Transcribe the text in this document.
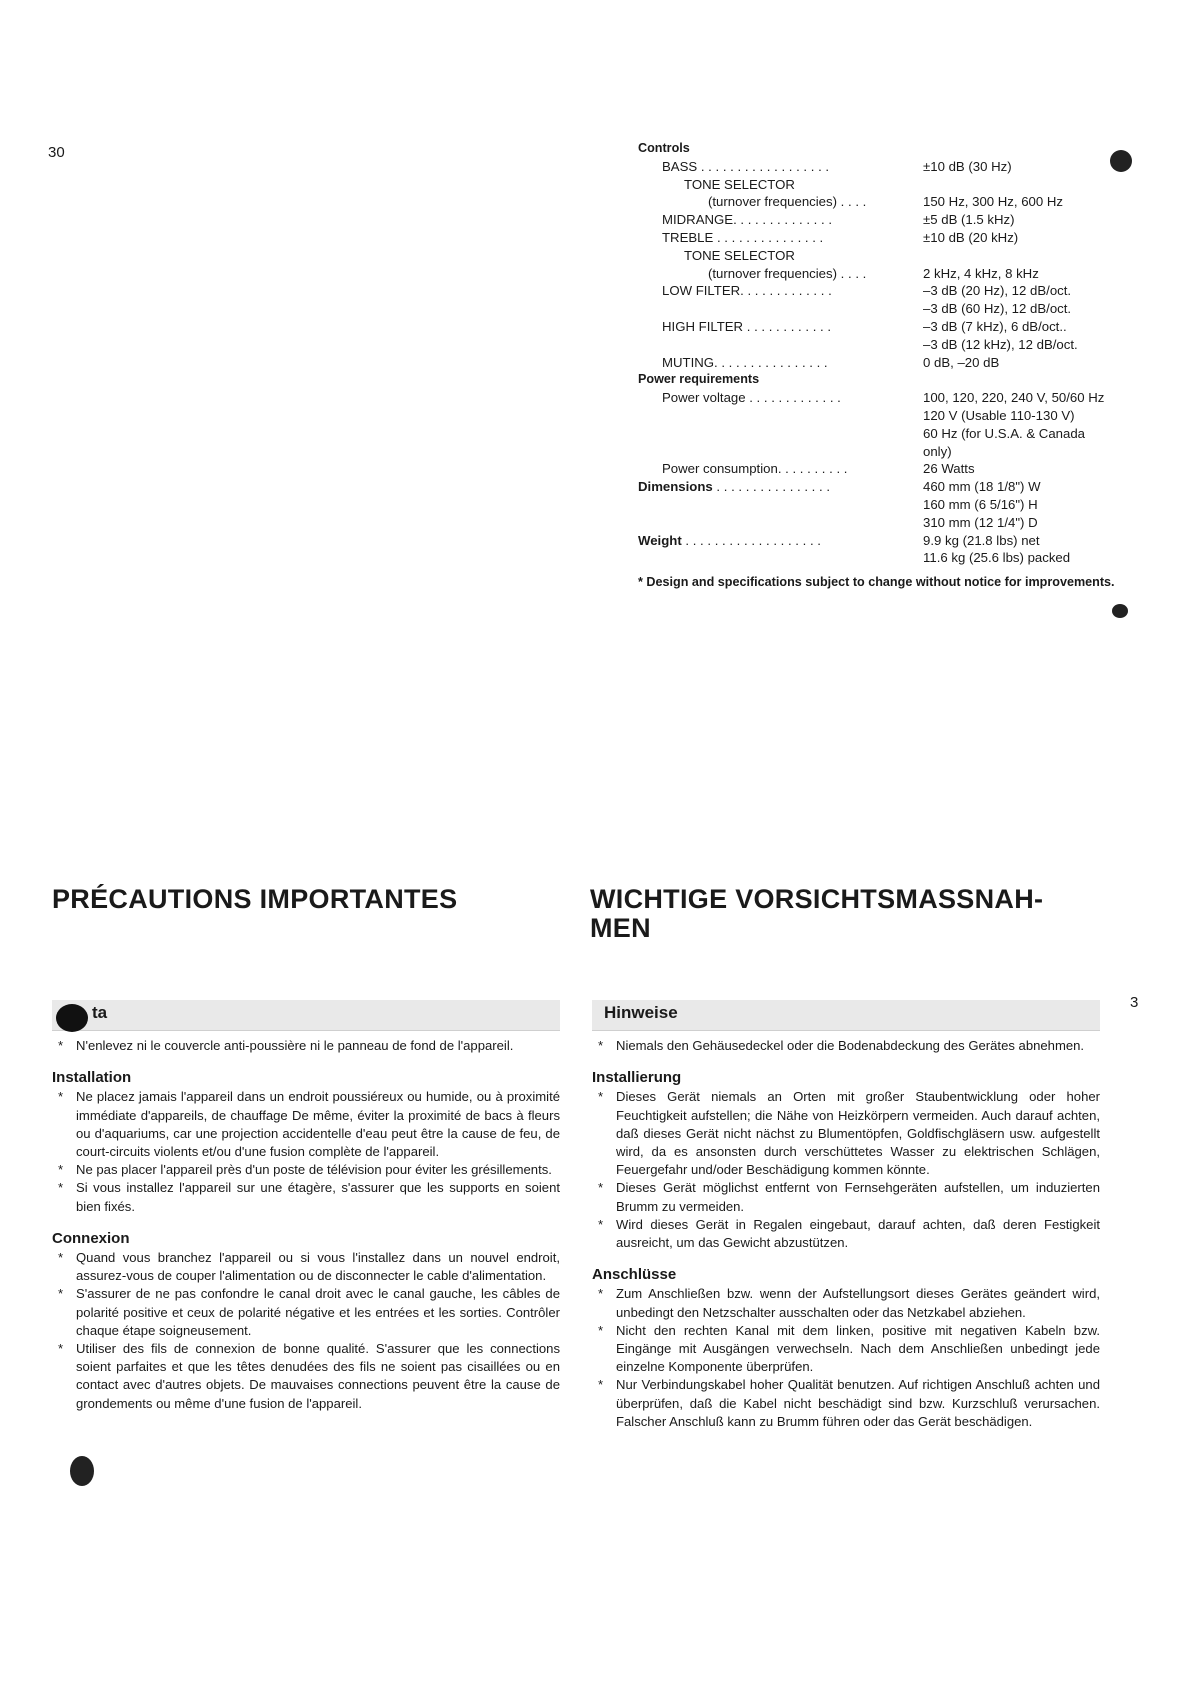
30
3
Controls
BASS . . . . . . . . . . . . . . . . . .	±10 dB (30 Hz)
TONE SELECTOR
(turnover frequencies) . . . .	150 Hz, 300 Hz, 600 Hz
MIDRANGE. . . . . . . . . . . . . .	±5 dB (1.5 kHz)
TREBLE . . . . . . . . . . . . . . .	±10 dB (20 kHz)
TONE SELECTOR
(turnover frequencies) . . . .	2 kHz, 4 kHz, 8 kHz
LOW FILTER. . . . . . . . . . . . .	–3 dB (20 Hz), 12 dB/oct.
–3 dB (60 Hz), 12 dB/oct.
HIGH FILTER . . . . . . . . . . . .	–3 dB (7 kHz), 6 dB/oct..
–3 dB (12 kHz), 12 dB/oct.
MUTING. . . . . . . . . . . . . . . .	0 dB, –20 dB
Power requirements
Power voltage . . . . . . . . . . . . .	100, 120, 220, 240 V, 50/60 Hz
120 V (Usable 110-130 V)
60 Hz (for U.S.A. & Canada
only)
Power consumption. . . . . . . . . .	26 Watts
Dimensions . . . . . . . . . . . . . . . .	460 mm (18 1/8") W
160 mm (6 5/16") H
310 mm (12 1/4") D
Weight . . . . . . . . . . . . . . . . . . .	9.9 kg (21.8 lbs) net
11.6 kg (25.6 lbs) packed
* Design and specifications subject to change without notice for improvements.
PRÉCAUTIONS IMPORTANTES	WICHTIGE VORSICHTSMASSNAH-MEN
ta
*
N'enlevez ni le couvercle anti-poussière ni le panneau de fond de l'appareil.
Installation
*
Ne placez jamais l'appareil dans un endroit poussiéreux ou humide, ou à proximité immédiate d'appareils, de chauffage De même, éviter la proximité de bacs à fleurs ou d'aquariums, car une projection accidentelle d'eau peut être la cause de feu, de court-circuits violents et/ou d'une fusion complète de l'appareil.
*
Ne pas placer l'appareil près d'un poste de télévision pour éviter les grésillements.
*
Si vous installez l'appareil sur une étagère, s'assurer que les supports en soient bien fixés.
Connexion
*
Quand vous branchez l'appareil ou si vous l'installez dans un nouvel endroit, assurez-vous de couper l'alimentation ou de disconnecter le cable d'alimentation.
*
S'assurer de ne pas confondre le canal droit avec le canal gauche, les câbles de polarité positive et ceux de polarité négative et les entrées et les sorties. Contrôler chaque étape soigneusement.
*
Utiliser des fils de connexion de bonne qualité. S'assurer que les connections soient parfaites et que les têtes denudées des fils ne soient pas cisaillées ou en contact avec d'autres objets. De mauvaises connections peuvent être la cause de grondements ou même d'une fusion de l'appareil.
Hinweise
*
Niemals den Gehäusedeckel oder die Bodenabdeckung des Gerätes abnehmen.
Installierung
*
Dieses Gerät niemals an Orten mit großer Staubentwicklung oder hoher Feuchtigkeit aufstellen; die Nähe von Heizkörpern vermeiden. Auch darauf achten, daß dieses Gerät nicht nächst zu Blumentöpfen, Goldfischgläsern usw. aufgestellt wird, da es ansonsten durch verschüttetes Wasser zu elektrischen Schlägen, Feuergefahr und/oder Beschädigung kommen könnte.
*
Dieses Gerät möglichst entfernt von Fernsehgeräten aufstellen, um induzierten Brumm zu vermeiden.
*
Wird dieses Gerät in Regalen eingebaut, darauf achten, daß deren Festigkeit ausreicht, um das Gewicht abzustützen.
Anschlüsse
*
Zum Anschließen bzw. wenn der Aufstellungsort dieses Gerätes geändert wird, unbedingt den Netzschalter ausschalten oder das Netzkabel abziehen.
*
Nicht den rechten Kanal mit dem linken, positive mit negativen Kabeln bzw. Eingänge mit Ausgängen verwechseln. Nach dem Anschließen unbedingt jede einzelne Komponente überprüfen.
*
Nur Verbindungskabel hoher Qualität benutzen. Auf richtigen Anschluß achten und überprüfen, daß die Kabel nicht beschädigt sind bzw. Kurzschluß verursachen. Falscher Anschluß kann zu Brumm führen oder das Gerät beschädigen.
